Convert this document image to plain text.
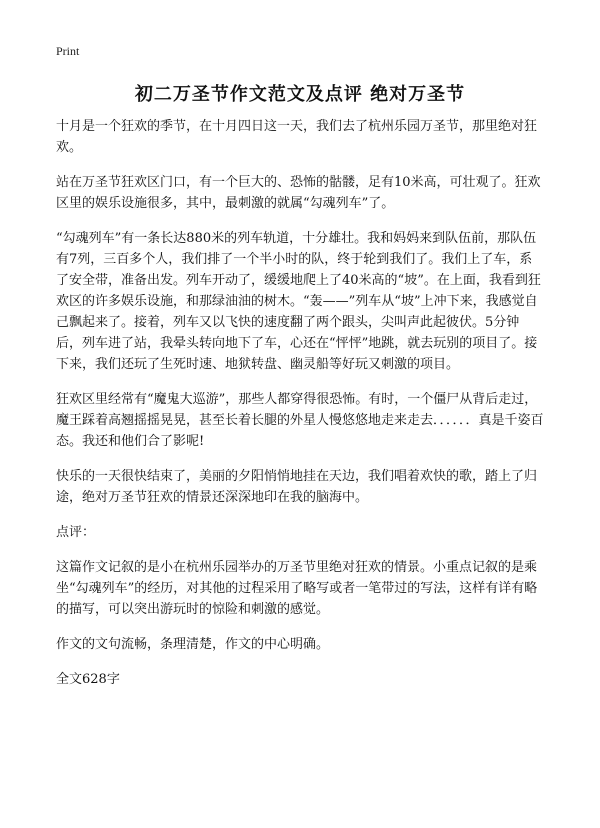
Print
初二万圣节作文范文及点评 绝对万圣节

十月是一个狂欢的季节，在十月四日这一天，我们去了杭州乐园万圣节，那里绝对狂欢。

站在万圣节狂欢区门口，有一个巨大的、恐怖的骷髅，足有10米高，可壮观了。狂欢区里的娱乐设施很多，其中，最刺激的就属“勾魂列车”了。

“勾魂列车”有一条长达880米的列车轨道，十分雄壮。我和妈妈来到队伍前，那队伍有7列，三百多个人，我们排了一个半小时的队，终于轮到我们了。我们上了车，系了安全带，准备出发。列车开动了，缓缓地爬上了40米高的“坡”。在上面，我看到狂欢区的许多娱乐设施，和那绿油油的树木。“轰——”列车从“坡”上冲下来，我感觉自己飘起来了。接着，列车又以飞快的速度翻了两个跟头，尖叫声此起彼伏。5分钟后，列车进了站，我晕头转向地下了车，心还在“怦怦”地跳，就去玩别的项目了。接下来，我们还玩了生死时速、地狱转盘、幽灵船等好玩又刺激的项目。

狂欢区里经常有“魔鬼大巡游”，那些人都穿得很恐怖。有时，一个僵尸从背后走过，魔王踩着高翘摇摇晃晃，甚至长着长腿的外星人慢悠悠地走来走去．．．．．．真是千姿百态。我还和他们合了影呢!

快乐的一天很快结束了，美丽的夕阳悄悄地挂在天边，我们唱着欢快的歌，踏上了归途，绝对万圣节狂欢的情景还深深地印在我的脑海中。

点评：

这篇作文记叙的是小在杭州乐园举办的万圣节里绝对狂欢的情景。小重点记叙的是乘坐“勾魂列车”的经历，对其他的过程采用了略写或者一笔带过的写法，这样有详有略的描写，可以突出游玩时的惊险和刺激的感觉。

作文的文句流畅，条理清楚，作文的中心明确。

全文628字
